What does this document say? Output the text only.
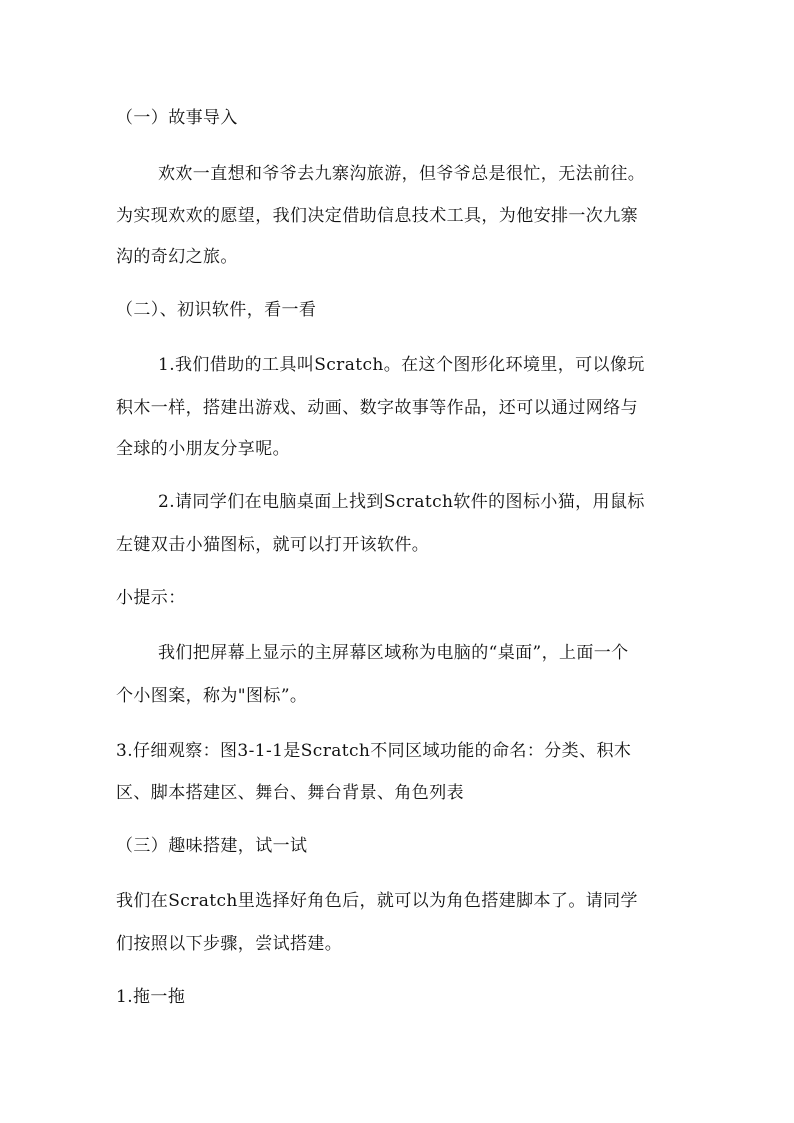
（一）故事导入
欢欢一直想和爷爷去九寨沟旅游，但爷爷总是很忙，无法前往。
为实现欢欢的愿望，我们决定借助信息技术工具，为他安排一次九寨
沟的奇幻之旅。
（二）、初识软件，看一看
1.我们借助的工具叫Scratch。在这个图形化环境里，可以像玩
积木一样，搭建出游戏、动画、数字故事等作品，还可以通过网络与
全球的小朋友分享呢。
2.请同学们在电脑桌面上找到Scratch软件的图标小猫，用鼠标
左键双击小猫图标，就可以打开该软件。
小提示：
我们把屏幕上显示的主屏幕区域称为电脑的“桌面”，上面一个
个小图案，称为"图标”。
3.仔细观察：图3-1-1是Scratch不同区域功能的命名：分类、积木
区、脚本搭建区、舞台、舞台背景、角色列表
（三）趣味搭建，试一试
我们在Scratch里选择好角色后，就可以为角色搭建脚本了。请同学
们按照以下步骤，尝试搭建。
1.拖一拖
